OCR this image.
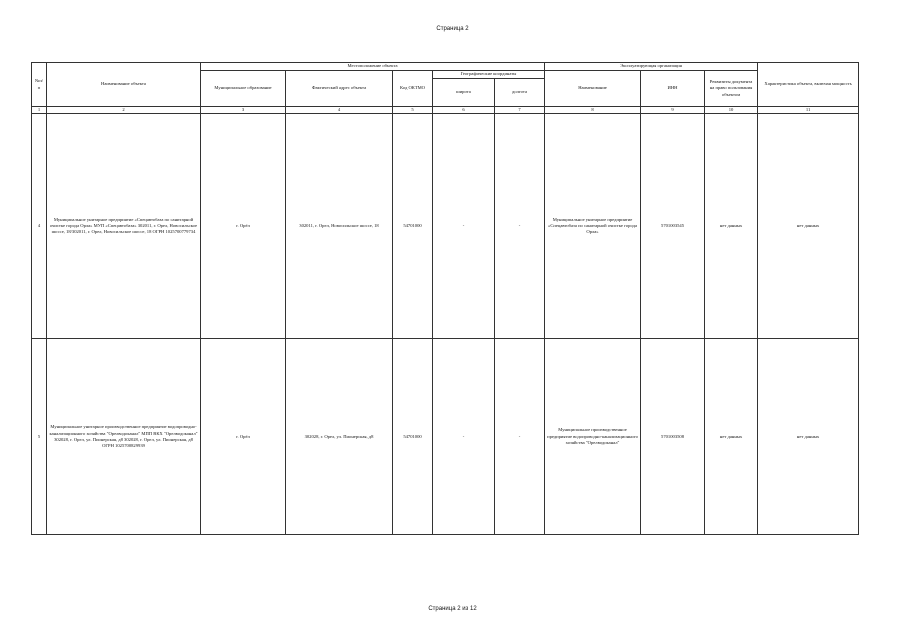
Страница 2
№п/п	Наименование объекта	Местоположение объекта					Эксплуатирующая организация			Характеристика объекта, включая мощность
		Муниципальное образование	Фактический адрес объекта	Код ОКТМО	Географические координаты		Наименование	ИНН	Реквизиты документа на право пользования объектом	
					широта	долгота				
1	2	3	4	5	6	7	8	9	10	11
4	Муниципальное унитарное предприятие «Спецавтобаза по санитарной очистке города Орла» МУП «Спецавтобаза» 302011, г. Орел, Новосильское шоссе, 18/302011, г. Орел, Новосильское шоссе, 18 ОГРН 1025700779734	г. Орёл	302011, г. Орел, Новосильское шоссе, 18	54701000	-	-	Муниципальное унитарное предприятие «Спецавтобаза по санитарной очистке города Орла»	5701003545	нет данных	нет данных
5	Муниципальное унитарное производственное предприятие водопроводно-канализационного хозяйства "Орелводоканал" МПП ВКХ "Орелводоканал" 302028, г. Орел, ул. Пионерская, д8 302028, г. Орел, ул. Пионерская, д8 ОГРН 1025700829939	г. Орёл	302028, г. Орел, ул. Пионерская, д8	54701000	-	-	Муниципальное производственное предприятие водопроводно-канализационного хозяйства "Орелводоканал"	5701003508	нет данных	нет данных
Страница 2 из 12
